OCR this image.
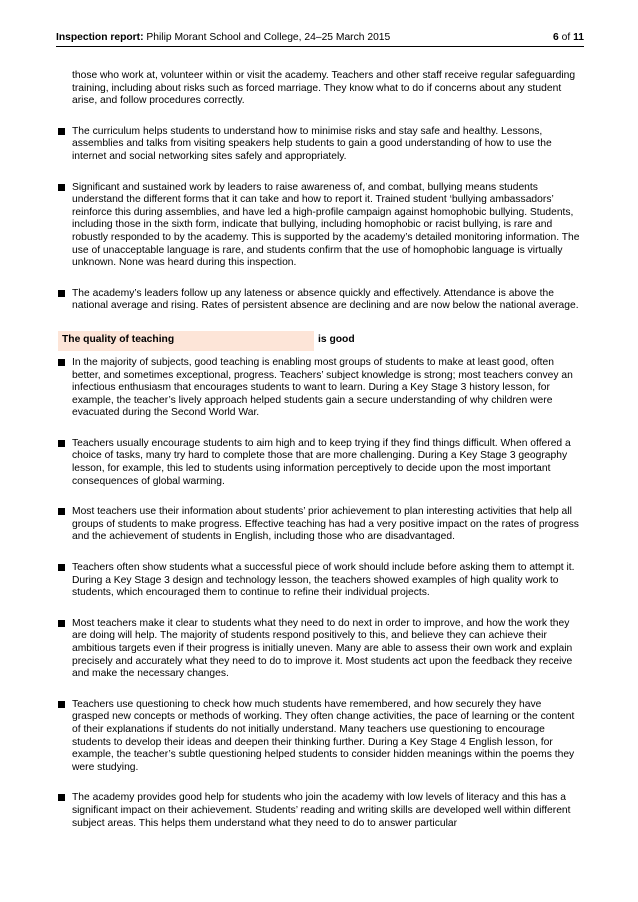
Inspection report: Philip Morant School and College, 24–25 March 2015	6 of 11

those who work at, volunteer within or visit the academy. Teachers and other staff receive regular safeguarding training, including about risks such as forced marriage. They know what to do if concerns about any student arise, and follow procedures correctly.

The curriculum helps students to understand how to minimise risks and stay safe and healthy. Lessons, assemblies and talks from visiting speakers help students to gain a good understanding of how to use the internet and social networking sites safely and appropriately.

Significant and sustained work by leaders to raise awareness of, and combat, bullying means students understand the different forms that it can take and how to report it. Trained student ‘bullying ambassadors’ reinforce this during assemblies, and have led a high-profile campaign against homophobic bullying. Students, including those in the sixth form, indicate that bullying, including homophobic or racist bullying, is rare and robustly responded to by the academy. This is supported by the academy’s detailed monitoring information. The use of unacceptable language is rare, and students confirm that the use of homophobic language is virtually unknown. None was heard during this inspection.

The academy’s leaders follow up any lateness or absence quickly and effectively. Attendance is above the national average and rising. Rates of persistent absence are declining and are now below the national average.

The quality of teaching	is good

In the majority of subjects, good teaching is enabling most groups of students to make at least good, often better, and sometimes exceptional, progress. Teachers’ subject knowledge is strong; most teachers convey an infectious enthusiasm that encourages students to want to learn. During a Key Stage 3 history lesson, for example, the teacher’s lively approach helped students gain a secure understanding of why children were evacuated during the Second World War.

Teachers usually encourage students to aim high and to keep trying if they find things difficult. When offered a choice of tasks, many try hard to complete those that are more challenging. During a Key Stage 3 geography lesson, for example, this led to students using information perceptively to decide upon the most important consequences of global warming.

Most teachers use their information about students’ prior achievement to plan interesting activities that help all groups of students to make progress. Effective teaching has had a very positive impact on the rates of progress and the achievement of students in English, including those who are disadvantaged.

Teachers often show students what a successful piece of work should include before asking them to attempt it. During a Key Stage 3 design and technology lesson, the teachers showed examples of high quality work to students, which encouraged them to continue to refine their individual projects.

Most teachers make it clear to students what they need to do next in order to improve, and how the work they are doing will help. The majority of students respond positively to this, and believe they can achieve their ambitious targets even if their progress is initially uneven. Many are able to assess their own work and explain precisely and accurately what they need to do to improve it. Most students act upon the feedback they receive and make the necessary changes.

Teachers use questioning to check how much students have remembered, and how securely they have grasped new concepts or methods of working. They often change activities, the pace of learning or the content of their explanations if students do not initially understand. Many teachers use questioning to encourage students to develop their ideas and deepen their thinking further. During a Key Stage 4 English lesson, for example, the teacher’s subtle questioning helped students to consider hidden meanings within the poems they were studying.

The academy provides good help for students who join the academy with low levels of literacy and this has a significant impact on their achievement. Students’ reading and writing skills are developed well within different subject areas. This helps them understand what they need to do to answer particular
